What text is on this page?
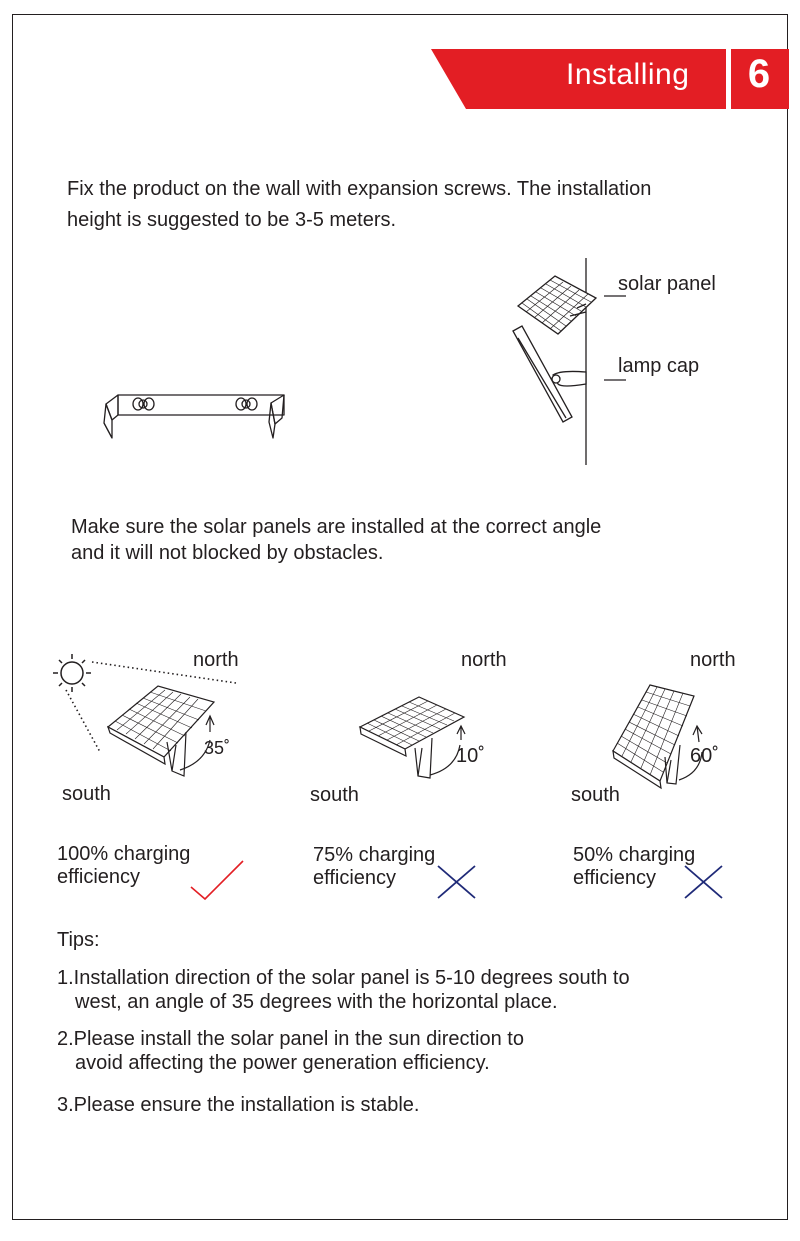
Installing	6

Fix the product on the wall with expansion screws. The installation
height is suggested to be 3-5 meters.

solar panel
lamp cap

Make sure the solar panels are installed at the correct angle
and it will not blocked by obstacles.

north
south
35˚
north
south
10˚
north
south
60˚
100% charging
efficiency
75% charging
efficiency
50% charging
efficiency
Tips:
1.Installation direction of the solar panel is 5-10 degrees south to
west, an angle of 35 degrees with the horizontal place.
2.Please install the solar panel in the sun direction to
avoid affecting the power generation efficiency.
3.Please ensure the installation is stable.
